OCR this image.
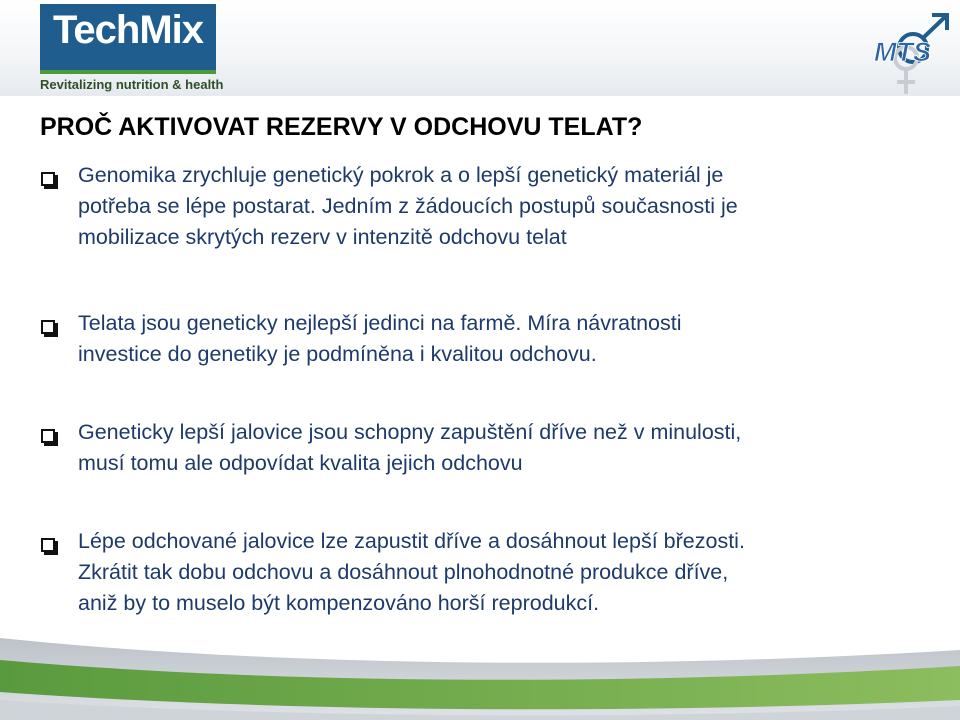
TechMix
Revitalizing nutrition & health
MTS
PROČ AKTIVOVAT REZERVY V ODCHOVU TELAT?
Genomika zrychluje genetický pokrok a o lepší genetický materiál je
potřeba se lépe postarat. Jedním z žádoucích postupů současnosti je
mobilizace skrytých rezerv v intenzitě odchovu telat
Telata jsou geneticky nejlepší jedinci na farmě. Míra návratnosti
investice do genetiky je podmíněna i kvalitou odchovu.
Geneticky lepší jalovice jsou schopny zapuštění dříve než v minulosti,
musí tomu ale odpovídat kvalita jejich odchovu
Lépe odchované jalovice lze zapustit dříve a dosáhnout lepší březosti.
Zkrátit tak dobu odchovu a dosáhnout plnohodnotné produkce dříve,
aniž by to muselo být kompenzováno horší reprodukcí.
